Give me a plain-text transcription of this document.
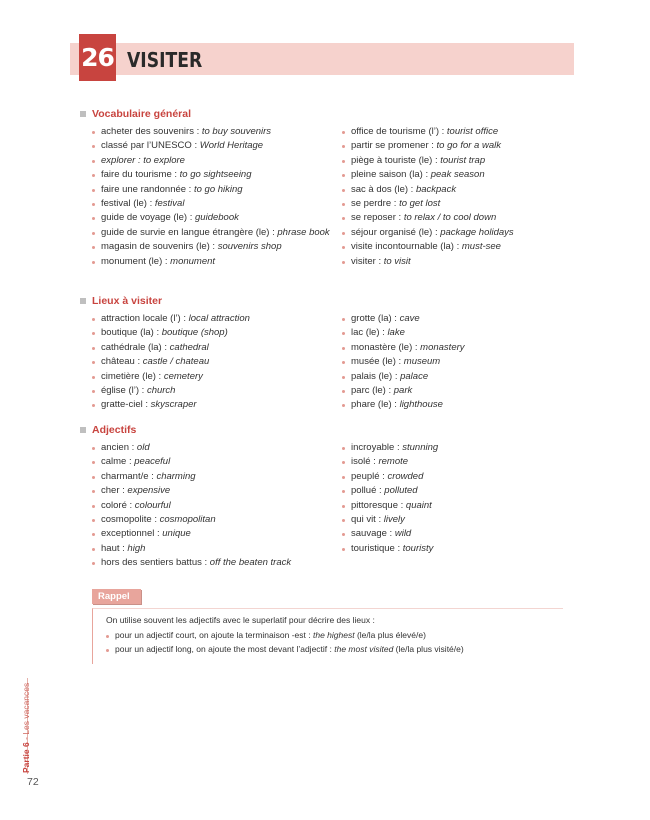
26 VISITER
Vocabulaire général
acheter des souvenirs : to buy souvenirs
classé par l’UNESCO : World Heritage
explorer : to explore
faire du tourisme : to go sightseeing
faire une randonnée : to go hiking
festival (le) : festival
guide de voyage (le) : guidebook
guide de survie en langue étrangère (le) : phrase book
magasin de souvenirs (le) : souvenirs shop
monument (le) : monument
office de tourisme (l’) : tourist office
partir se promener : to go for a walk
piège à touriste (le) : tourist trap
pleine saison (la) : peak season
sac à dos (le) : backpack
se perdre : to get lost
se reposer : to relax / to cool down
séjour organisé (le) : package holidays
visite incontournable (la) : must-see
visiter : to visit
Lieux à visiter
attraction locale (l’) : local attraction
boutique (la) : boutique (shop)
cathédrale (la) : cathedral
château : castle / chateau
cimetière (le) : cemetery
église (l’) : church
gratte-ciel : skyscraper
grotte (la) : cave
lac (le) : lake
monastère (le) : monastery
musée (le) : museum
palais (le) : palace
parc (le) : park
phare (le) : lighthouse
Adjectifs
ancien : old
calme : peaceful
charmant/e : charming
cher : expensive
coloré : colourful
cosmopolite : cosmopolitan
exceptionnel : unique
haut : high
hors des sentiers battus : off the beaten track
incroyable : stunning
isolé : remote
peuplé : crowded
pollué : polluted
pittoresque : quaint
qui vit : lively
sauvage : wild
touristique : touristy
Rappel
On utilise souvent les adjectifs avec le superlatif pour décrire des lieux :
pour un adjectif court, on ajoute la terminaison -est : the highest (le/la plus élevé/e)
pour un adjectif long, on ajoute the most devant l’adjectif : the most visited (le/la plus visité/e)
Partie 6 - Les vacances
72
